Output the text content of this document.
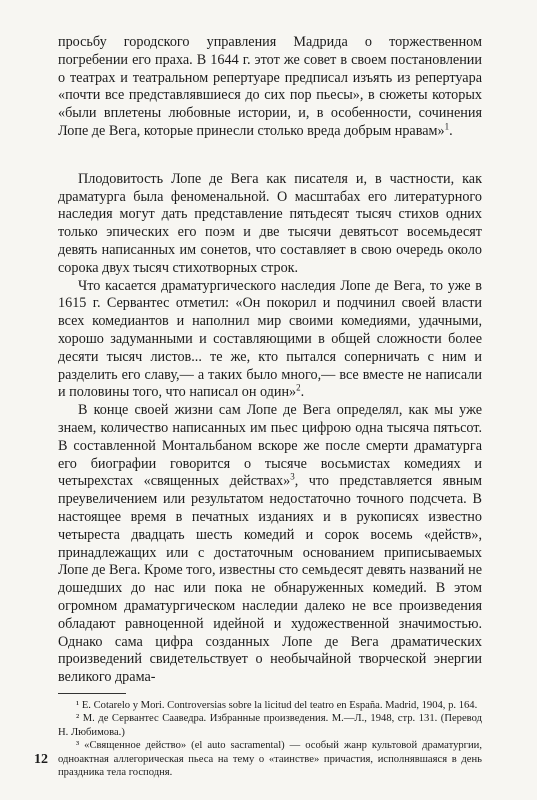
просьбу городского управления Мадрида о торжественном погребении его праха. В 1644 г. этот же совет в своем постановлении о театрах и театральном репертуаре предписал изъять из репертуара «почти все представлявшиеся до сих пор пьесы», в сюжеты которых «были вплетены любовные истории, и, в особенности, сочинения Лопе де Вега, которые принесли столько вреда добрым нравам»$^1$.

Плодовитость Лопе де Вега как писателя и, в частности, как драматурга была феноменальной. О масштабах его литературного наследия могут дать представление пятьдесят тысяч стихов одних только эпических его поэм и две тысячи девятьсот восемьдесят девять написанных им сонетов, что составляет в свою очередь около сорока двух тысяч стихотворных строк.

Что касается драматургического наследия Лопе де Вега, то уже в 1615 г. Сервантес отметил: «Он покорил и подчинил своей власти всех комедиантов и наполнил мир своими комедиями, удачными, хорошо задуманными и составляющими в общей сложности более десяти тысяч листов... те же, кто пытался соперничать с ним и разделить его славу,— а таких было много,— все вместе не написали и половины того, что написал он один»$^2$.

В конце своей жизни сам Лопе де Вега определял, как мы уже знаем, количество написанных им пьес цифрою одна тысяча пятьсот. В составленной Монтальбаном вскоре же после смерти драматурга его биографии говорится о тысяче восьмистах комедиях и четырехстах «священных действах»$^3$, что представляется явным преувеличением или результатом недостаточно точного подсчета. В настоящее время в печатных изданиях и в рукописях известно четыреста двадцать шесть комедий и сорок восемь «действ», принадлежащих или с достаточным основанием приписываемых Лопе де Вега. Кроме того, известны сто семьдесят девять названий не дошедших до нас или пока не обнаруженных комедий. В этом огромном драматургическом наследии далеко не все произведения обладают равноценной идейной и художественной значимостью. Однако сама цифра созданных Лопе де Вега драматических произведений свидетельствует о необычайной творческой энергии великого драма-

¹ E. Cotarelo y Mori. Controversias sobre la licitud del teatro en España. Madrid, 1904, p. 164.

² М. де Сервантес Сааведра. Избранные произведения. М.—Л., 1948, стр. 131. (Перевод Н. Любимова.)

³ «Священное действо» (el auto sacramental) — особый жанр культовой драматургии, одноактная аллегорическая пьеса на тему о «таинстве» причастия, исполнявшаяся в день праздника тела господня.

12
